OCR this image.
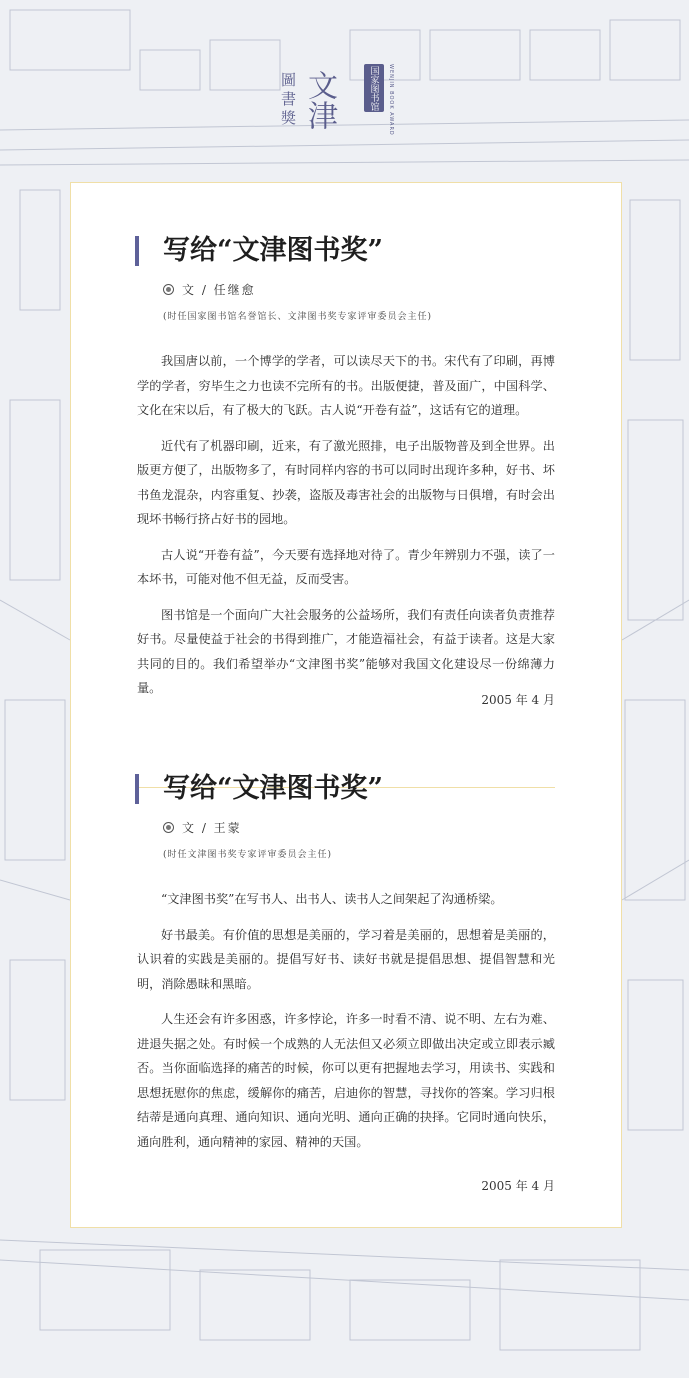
圖書獎 文津	国家图书馆	WENJIN BOOK AWARD
写给“文津图书奖”
文 / 任继愈
(时任国家图书馆名誉馆长、文津图书奖专家评审委员会主任)

我国唐以前，一个博学的学者，可以读尽天下的书。宋代有了印刷，再博学的学者，穷毕生之力也读不完所有的书。出版便捷，普及面广，中国科学、文化在宋以后，有了极大的飞跃。古人说“开卷有益”，这话有它的道理。

近代有了机器印刷，近来，有了激光照排，电子出版物普及到全世界。出版更方便了，出版物多了，有时同样内容的书可以同时出现许多种，好书、坏书鱼龙混杂，内容重复、抄袭，盗版及毒害社会的出版物与日俱增，有时会出现坏书畅行挤占好书的园地。

古人说“开卷有益”，今天要有选择地对待了。青少年辨别力不强，读了一本坏书，可能对他不但无益，反而受害。

图书馆是一个面向广大社会服务的公益场所，我们有责任向读者负责推荐好书。尽量使益于社会的书得到推广，才能造福社会，有益于读者。这是大家共同的目的。我们希望举办“文津图书奖”能够对我国文化建设尽一份绵薄力量。

2005 年 4 月
写给“文津图书奖”
文 / 王蒙
(时任文津图书奖专家评审委员会主任)

“文津图书奖”在写书人、出书人、读书人之间架起了沟通桥梁。

好书最美。有价值的思想是美丽的，学习着是美丽的，思想着是美丽的，认识着的实践是美丽的。提倡写好书、读好书就是提倡思想、提倡智慧和光明，消除愚昧和黑暗。

人生还会有许多困惑，许多悖论，许多一时看不清、说不明、左右为难、进退失据之处。有时候一个成熟的人无法但又必须立即做出决定或立即表示臧否。当你面临选择的痛苦的时候，你可以更有把握地去学习，用读书、实践和思想抚慰你的焦虑，缓解你的痛苦，启迪你的智慧，寻找你的答案。学习归根结蒂是通向真理、通向知识、通向光明、通向正确的抉择。它同时通向快乐，通向胜利，通向精神的家园、精神的天国。

2005 年 4 月
